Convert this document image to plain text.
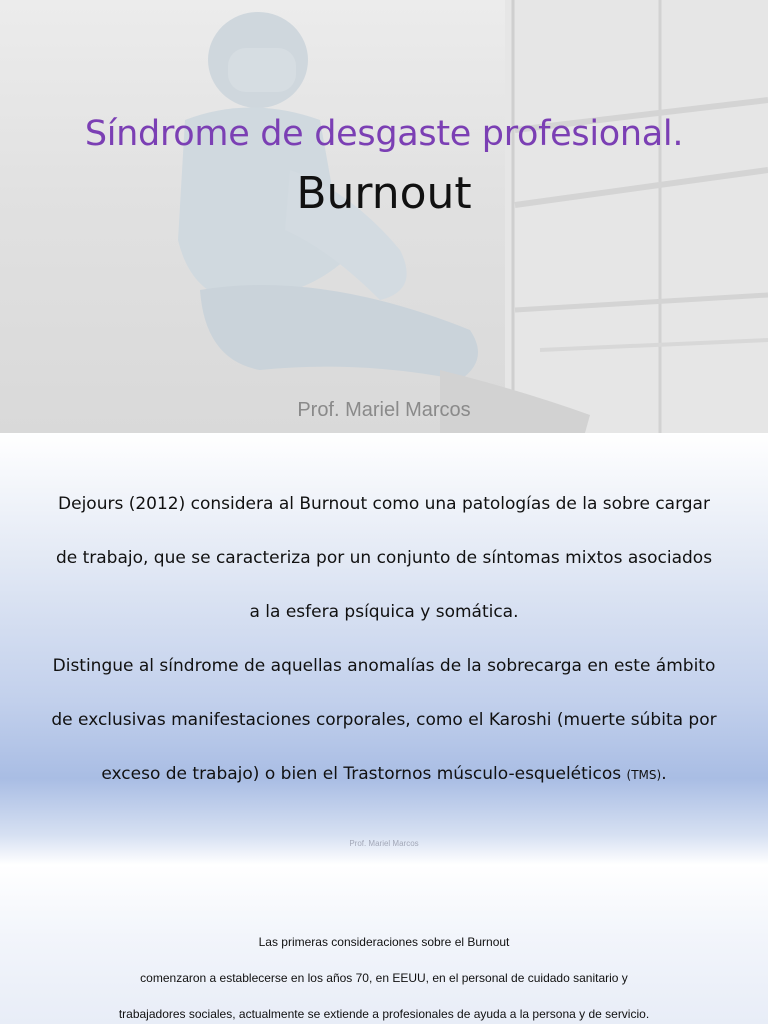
Síndrome de desgaste profesional.
Burnout
Prof. Mariel Marcos

Dejours (2012) considera al Burnout como una patologías de la sobre cargar de trabajo, que se caracteriza por un conjunto de síntomas mixtos asociados a la esfera psíquica y somática.

Distingue al síndrome de aquellas anomalías de la sobrecarga en este ámbito de exclusivas manifestaciones corporales, como el Karoshi (muerte súbita por exceso de trabajo) o bien el Trastornos músculo-esqueléticos (TMS).

Prof. Mariel Marcos

Las primeras consideraciones sobre el Burnout

comenzaron a establecerse en los años 70, en EEUU, en el personal de cuidado sanitario y

trabajadores sociales, actualmente se extiende a profesionales de ayuda a la persona y de servicio.
